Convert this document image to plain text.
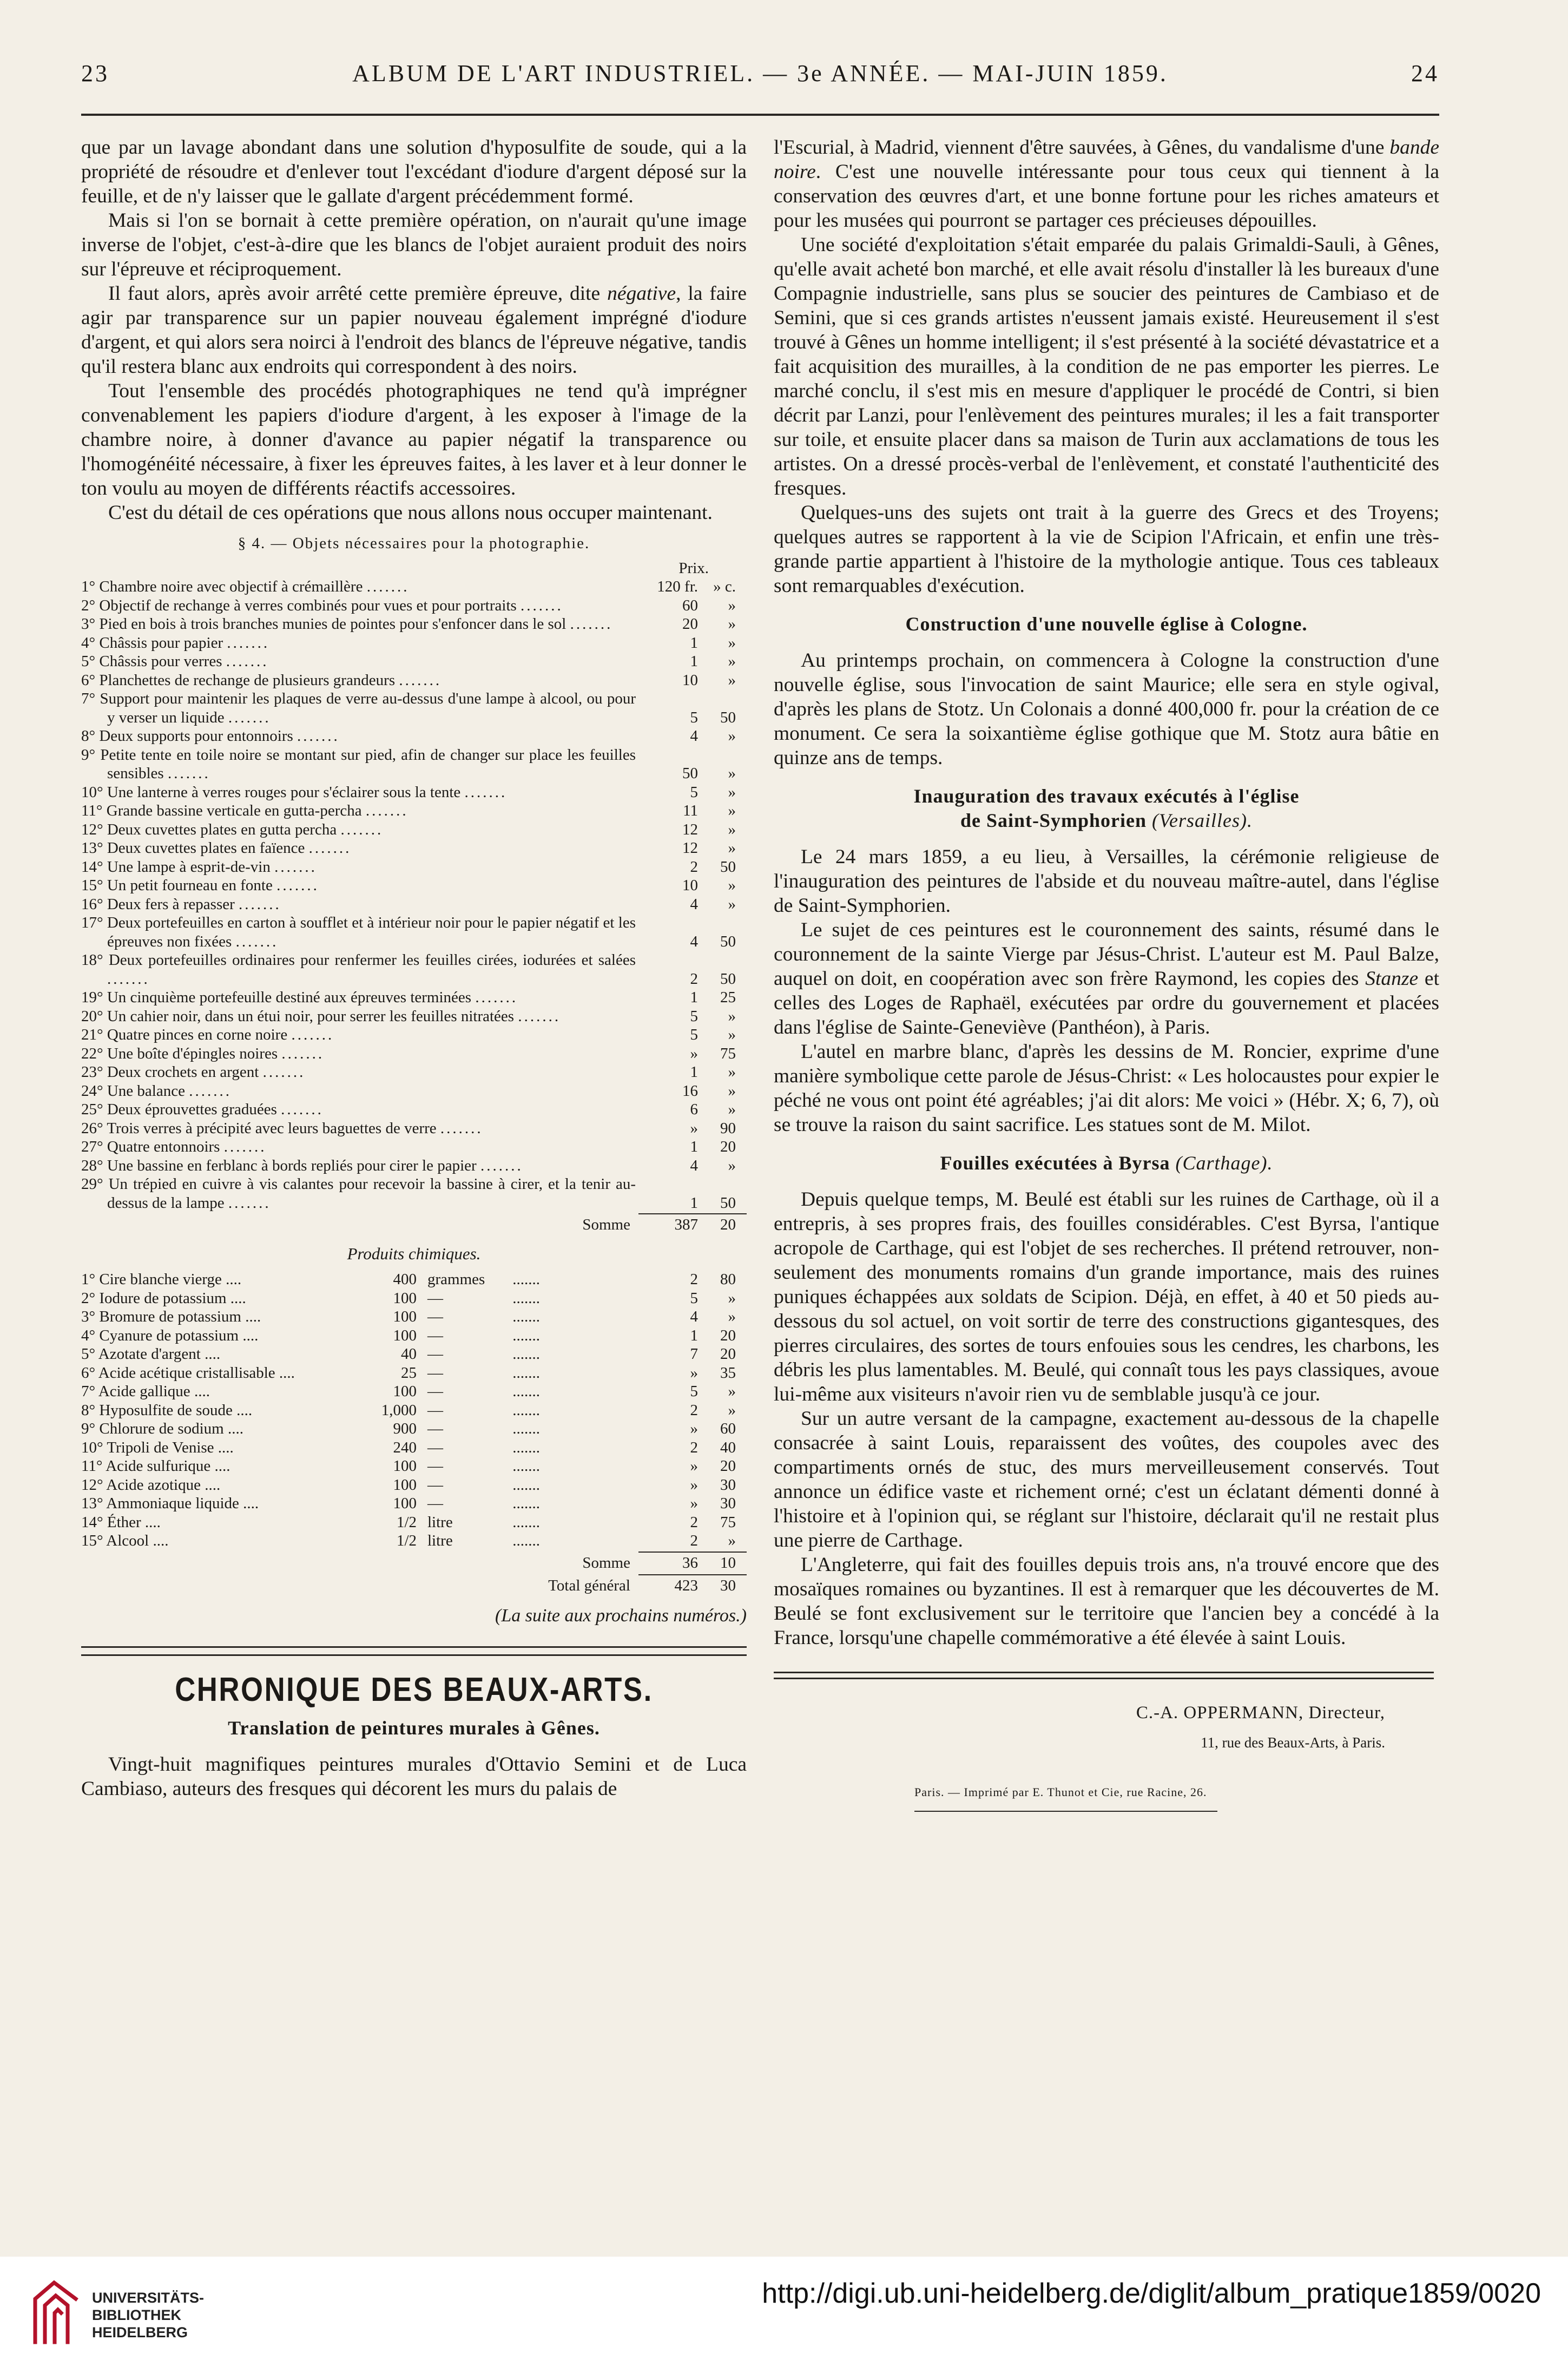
23	ALBUM DE L'ART INDUSTRIEL. — 3e ANNÉE. — MAI-JUIN 1859.	24

que par un lavage abondant dans une solution d'hyposulfite de soude, qui a la propriété de résoudre et d'enlever tout l'excédant d'iodure d'argent déposé sur la feuille, et de n'y laisser que le gallate d'argent précédemment formé.

Mais si l'on se bornait à cette première opération, on n'aurait qu'une image inverse de l'objet, c'est-à-dire que les blancs de l'objet auraient produit des noirs sur l'épreuve et réciproquement.

Il faut alors, après avoir arrêté cette première épreuve, dite négative, la faire agir par transparence sur un papier nouveau également imprégné d'iodure d'argent, et qui alors sera noirci à l'endroit des blancs de l'épreuve négative, tandis qu'il restera blanc aux endroits qui correspondent à des noirs.

Tout l'ensemble des procédés photographiques ne tend qu'à imprégner convenablement les papiers d'iodure d'argent, à les exposer à l'image de la chambre noire, à donner d'avance au papier négatif la transparence ou l'homogénéité nécessaire, à fixer les épreuves faites, à les laver et à leur donner le ton voulu au moyen de différents réactifs accessoires.

C'est du détail de ces opérations que nous allons nous occuper maintenant.

§ 4. — Objets nécessaires pour la photographie.
Prix.
1° Chambre noire avec objectif à crémaillère .......	120 fr. » c.
2° Objectif de rechange à verres combinés pour vues et pour portraits .......	60 »
3° Pied en bois à trois branches munies de pointes pour s'enfoncer dans le sol .......	20 »
4° Châssis pour papier .......	1 »
5° Châssis pour verres .......	1 »
6° Planchettes de rechange de plusieurs grandeurs .......	10 »
7° Support pour maintenir les plaques de verre au-dessus d'une lampe à alcool, ou pour y verser un liquide .......	5 50
8° Deux supports pour entonnoirs .......	4 »
9° Petite tente en toile noire se montant sur pied, afin de changer sur place les feuilles sensibles .......	50 »
10° Une lanterne à verres rouges pour s'éclairer sous la tente .......	5 »
11° Grande bassine verticale en gutta-percha .......	11 »
12° Deux cuvettes plates en gutta percha .......	12 »
13° Deux cuvettes plates en faïence .......	12 »
14° Une lampe à esprit-de-vin .......	2 50
15° Un petit fourneau en fonte .......	10 »
16° Deux fers à repasser .......	4 »
17° Deux portefeuilles en carton à soufflet et à intérieur noir pour le papier négatif et les épreuves non fixées .......	4 50
18° Deux portefeuilles ordinaires pour renfermer les feuilles cirées, iodurées et salées .......	2 50
19° Un cinquième portefeuille destiné aux épreuves terminées .......	1 25
20° Un cahier noir, dans un étui noir, pour serrer les feuilles nitratées .......	5 »
21° Quatre pinces en corne noire .......	5 »
22° Une boîte d'épingles noires .......	» 75
23° Deux crochets en argent .......	1 »
24° Une balance .......	16 »
25° Deux éprouvettes graduées .......	6 »
26° Trois verres à précipité avec leurs baguettes de verre .......	» 90
27° Quatre entonnoirs .......	1 20
28° Une bassine en ferblanc à bords repliés pour cirer le papier .......	4 »
29° Un trépied en cuivre à vis calantes pour recevoir la bassine à cirer, et la tenir au-dessus de la lampe .......	1 50
Somme	387 20
Produits chimiques.
1° Cire blanche vierge ....	400 grammes .......	2 80
2° Iodure de potassium ....	100 —	.......	5 »
3° Bromure de potassium ....	100 —	.......	4 »
4° Cyanure de potassium ....	100 —	.......	1 20
5° Azotate d'argent ....	40 —	.......	7 20
6° Acide acétique cristallisable ....	25 —	.......	» 35
7° Acide gallique ....	100 —	.......	5 »
8° Hyposulfite de soude ....	1,000 —	.......	2 »
9° Chlorure de sodium ....	900 —	.......	» 60
10° Tripoli de Venise ....	240 —	.......	2 40
11° Acide sulfurique ....	100 —	.......	» 20
12° Acide azotique ....	100 —	.......	» 30
13° Ammoniaque liquide ....	100 —	.......	» 30
14° Éther ....	1/2 litre	.......	2 75
15° Alcool ....	1/2 litre	.......	2 »
Somme	36 10
Total général	423 30
(La suite aux prochains numéros.)
CHRONIQUE DES BEAUX-ARTS.
Translation de peintures murales à Gênes.

Vingt-huit magnifiques peintures murales d'Ottavio Semini et de Luca Cambiaso, auteurs des fresques qui décorent les murs du palais de

l'Escurial, à Madrid, viennent d'être sauvées, à Gênes, du vandalisme d'une bande noire. C'est une nouvelle intéressante pour tous ceux qui tiennent à la conservation des œuvres d'art, et une bonne fortune pour les riches amateurs et pour les musées qui pourront se partager ces précieuses dépouilles.

Une société d'exploitation s'était emparée du palais Grimaldi-Sauli, à Gênes, qu'elle avait acheté bon marché, et elle avait résolu d'installer là les bureaux d'une Compagnie industrielle, sans plus se soucier des peintures de Cambiaso et de Semini, que si ces grands artistes n'eussent jamais existé. Heureusement il s'est trouvé à Gênes un homme intelligent; il s'est présenté à la société dévastatrice et a fait acquisition des murailles, à la condition de ne pas emporter les pierres. Le marché conclu, il s'est mis en mesure d'appliquer le procédé de Contri, si bien décrit par Lanzi, pour l'enlèvement des peintures murales; il les a fait transporter sur toile, et ensuite placer dans sa maison de Turin aux acclamations de tous les artistes. On a dressé procès-verbal de l'enlèvement, et constaté l'authenticité des fresques.

Quelques-uns des sujets ont trait à la guerre des Grecs et des Troyens; quelques autres se rapportent à la vie de Scipion l'Africain, et enfin une très-grande partie appartient à l'histoire de la mythologie antique. Tous ces tableaux sont remarquables d'exécution.

Construction d'une nouvelle église à Cologne.

Au printemps prochain, on commencera à Cologne la construction d'une nouvelle église, sous l'invocation de saint Maurice; elle sera en style ogival, d'après les plans de Stotz. Un Colonais a donné 400,000 fr. pour la création de ce monument. Ce sera la soixantième église gothique que M. Stotz aura bâtie en quinze ans de temps.

Inauguration des travaux exécutés à l'église
de Saint-Symphorien (Versailles).

Le 24 mars 1859, a eu lieu, à Versailles, la cérémonie religieuse de l'inauguration des peintures de l'abside et du nouveau maître-autel, dans l'église de Saint-Symphorien.

Le sujet de ces peintures est le couronnement des saints, résumé dans le couronnement de la sainte Vierge par Jésus-Christ. L'auteur est M. Paul Balze, auquel on doit, en coopération avec son frère Raymond, les copies des Stanze et celles des Loges de Raphaël, exécutées par ordre du gouvernement et placées dans l'église de Sainte-Geneviève (Panthéon), à Paris.

L'autel en marbre blanc, d'après les dessins de M. Roncier, exprime d'une manière symbolique cette parole de Jésus-Christ: « Les holocaustes pour expier le péché ne vous ont point été agréables; j'ai dit alors: Me voici » (Hébr. X; 6, 7), où se trouve la raison du saint sacrifice. Les statues sont de M. Milot.

Fouilles exécutées à Byrsa (Carthage).

Depuis quelque temps, M. Beulé est établi sur les ruines de Carthage, où il a entrepris, à ses propres frais, des fouilles considérables. C'est Byrsa, l'antique acropole de Carthage, qui est l'objet de ses recherches. Il prétend retrouver, non-seulement des monuments romains d'un grande importance, mais des ruines puniques échappées aux soldats de Scipion. Déjà, en effet, à 40 et 50 pieds au-dessous du sol actuel, on voit sortir de terre des constructions gigantesques, des pierres circulaires, des sortes de tours enfouies sous les cendres, les charbons, les débris les plus lamentables. M. Beulé, qui connaît tous les pays classiques, avoue lui-même aux visiteurs n'avoir rien vu de semblable jusqu'à ce jour.

Sur un autre versant de la campagne, exactement au-dessous de la chapelle consacrée à saint Louis, reparaissent des voûtes, des coupoles avec des compartiments ornés de stuc, des murs merveilleusement conservés. Tout annonce un édifice vaste et richement orné; c'est un éclatant démenti donné à l'histoire et à l'opinion qui, se réglant sur l'histoire, déclarait qu'il ne restait plus une pierre de Carthage.

L'Angleterre, qui fait des fouilles depuis trois ans, n'a trouvé encore que des mosaïques romaines ou byzantines. Il est à remarquer que les découvertes de M. Beulé se font exclusivement sur le territoire que l'ancien bey a concédé à la France, lorsqu'une chapelle commémorative a été élevée à saint Louis.

C.-A. OPPERMANN, Directeur,
11, rue des Beaux-Arts, à Paris.
Paris. — Imprimé par E. Thunot et Cie, rue Racine, 26.
UNIVERSITÄTS-
BIBLIOTHEK
HEIDELBERG
http://digi.ub.uni-heidelberg.de/diglit/album_pratique1859/0020
